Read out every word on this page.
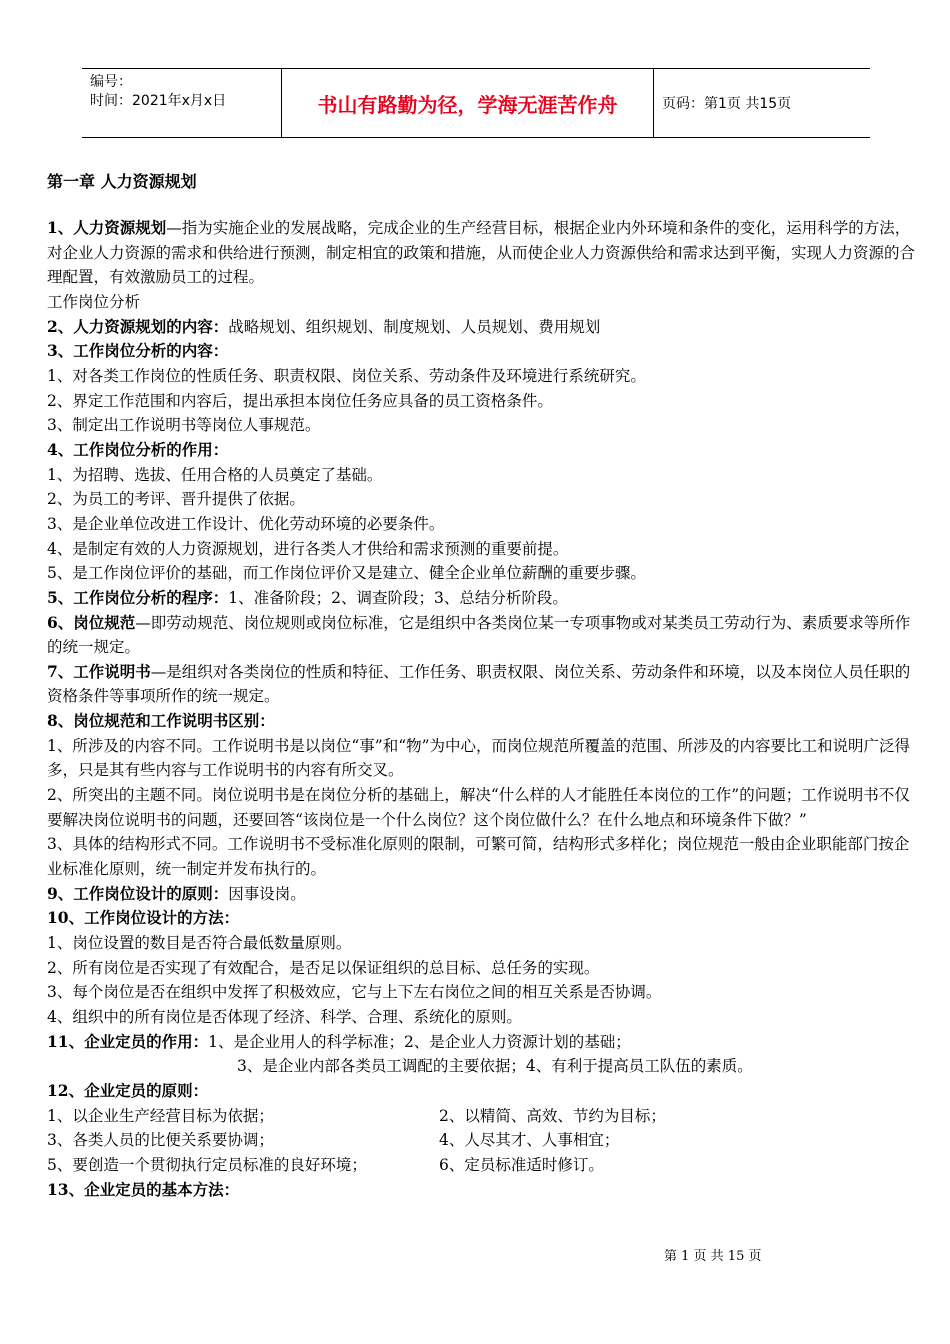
编号：
时间：2021年x月x日	书山有路勤为径，学海无涯苦作舟	页码：第1页 共15页
第一章 人力资源规划

1、人力资源规划—指为实施企业的发展战略，完成企业的生产经营目标，根据企业内外环境和条件的变化，运用科学的方法，对企业人力资源的需求和供给进行预测，制定相宜的政策和措施，从而使企业人力资源供给和需求达到平衡，实现人力资源的合理配置，有效激励员工的过程。

工作岗位分析

2、人力资源规划的内容：战略规划、组织规划、制度规划、人员规划、费用规划

3、工作岗位分析的内容：

1、对各类工作岗位的性质任务、职责权限、岗位关系、劳动条件及环境进行系统研究。

2、界定工作范围和内容后，提出承担本岗位任务应具备的员工资格条件。

3、制定出工作说明书等岗位人事规范。

4、工作岗位分析的作用：

1、为招聘、选拔、任用合格的人员奠定了基础。

2、为员工的考评、晋升提供了依据。

3、是企业单位改进工作设计、优化劳动环境的必要条件。

4、是制定有效的人力资源规划，进行各类人才供给和需求预测的重要前提。

5、是工作岗位评价的基础，而工作岗位评价又是建立、健全企业单位薪酬的重要步骤。

5、工作岗位分析的程序：1、准备阶段；2、调查阶段；3、总结分析阶段。

6、岗位规范—即劳动规范、岗位规则或岗位标准，它是组织中各类岗位某一专项事物或对某类员工劳动行为、素质要求等所作的统一规定。

7、工作说明书—是组织对各类岗位的性质和特征、工作任务、职责权限、岗位关系、劳动条件和环境，以及本岗位人员任职的资格条件等事项所作的统一规定。

8、岗位规范和工作说明书区别：

1、所涉及的内容不同。工作说明书是以岗位“事”和“物”为中心，而岗位规范所覆盖的范围、所涉及的内容要比工和说明广泛得多，只是其有些内容与工作说明书的内容有所交叉。

2、所突出的主题不同。岗位说明书是在岗位分析的基础上，解决“什么样的人才能胜任本岗位的工作”的问题；工作说明书不仅要解决岗位说明书的问题，还要回答“该岗位是一个什么岗位？这个岗位做什么？在什么地点和环境条件下做？”

3、具体的结构形式不同。工作说明书不受标准化原则的限制，可繁可简，结构形式多样化；岗位规范一般由企业职能部门按企业标准化原则，统一制定并发布执行的。

9、工作岗位设计的原则：因事设岗。

10、工作岗位设计的方法：

1、岗位设置的数目是否符合最低数量原则。

2、所有岗位是否实现了有效配合，是否足以保证组织的总目标、总任务的实现。

3、每个岗位是否在组织中发挥了积极效应，它与上下左右岗位之间的相互关系是否协调。

4、组织中的所有岗位是否体现了经济、科学、合理、系统化的原则。

11、企业定员的作用：1、是企业用人的科学标准；2、是企业人力资源计划的基础；

3、是企业内部各类员工调配的主要依据；4、有利于提高员工队伍的素质。

12、企业定员的原则：

1、以企业生产经营目标为依据；	2、以精简、高效、节约为目标；
3、各类人员的比便关系要协调；	4、人尽其才、人事相宜；
5、要创造一个贯彻执行定员标准的良好环境；	6、定员标准适时修订。

13、企业定员的基本方法：

第 1 页 共 15 页
